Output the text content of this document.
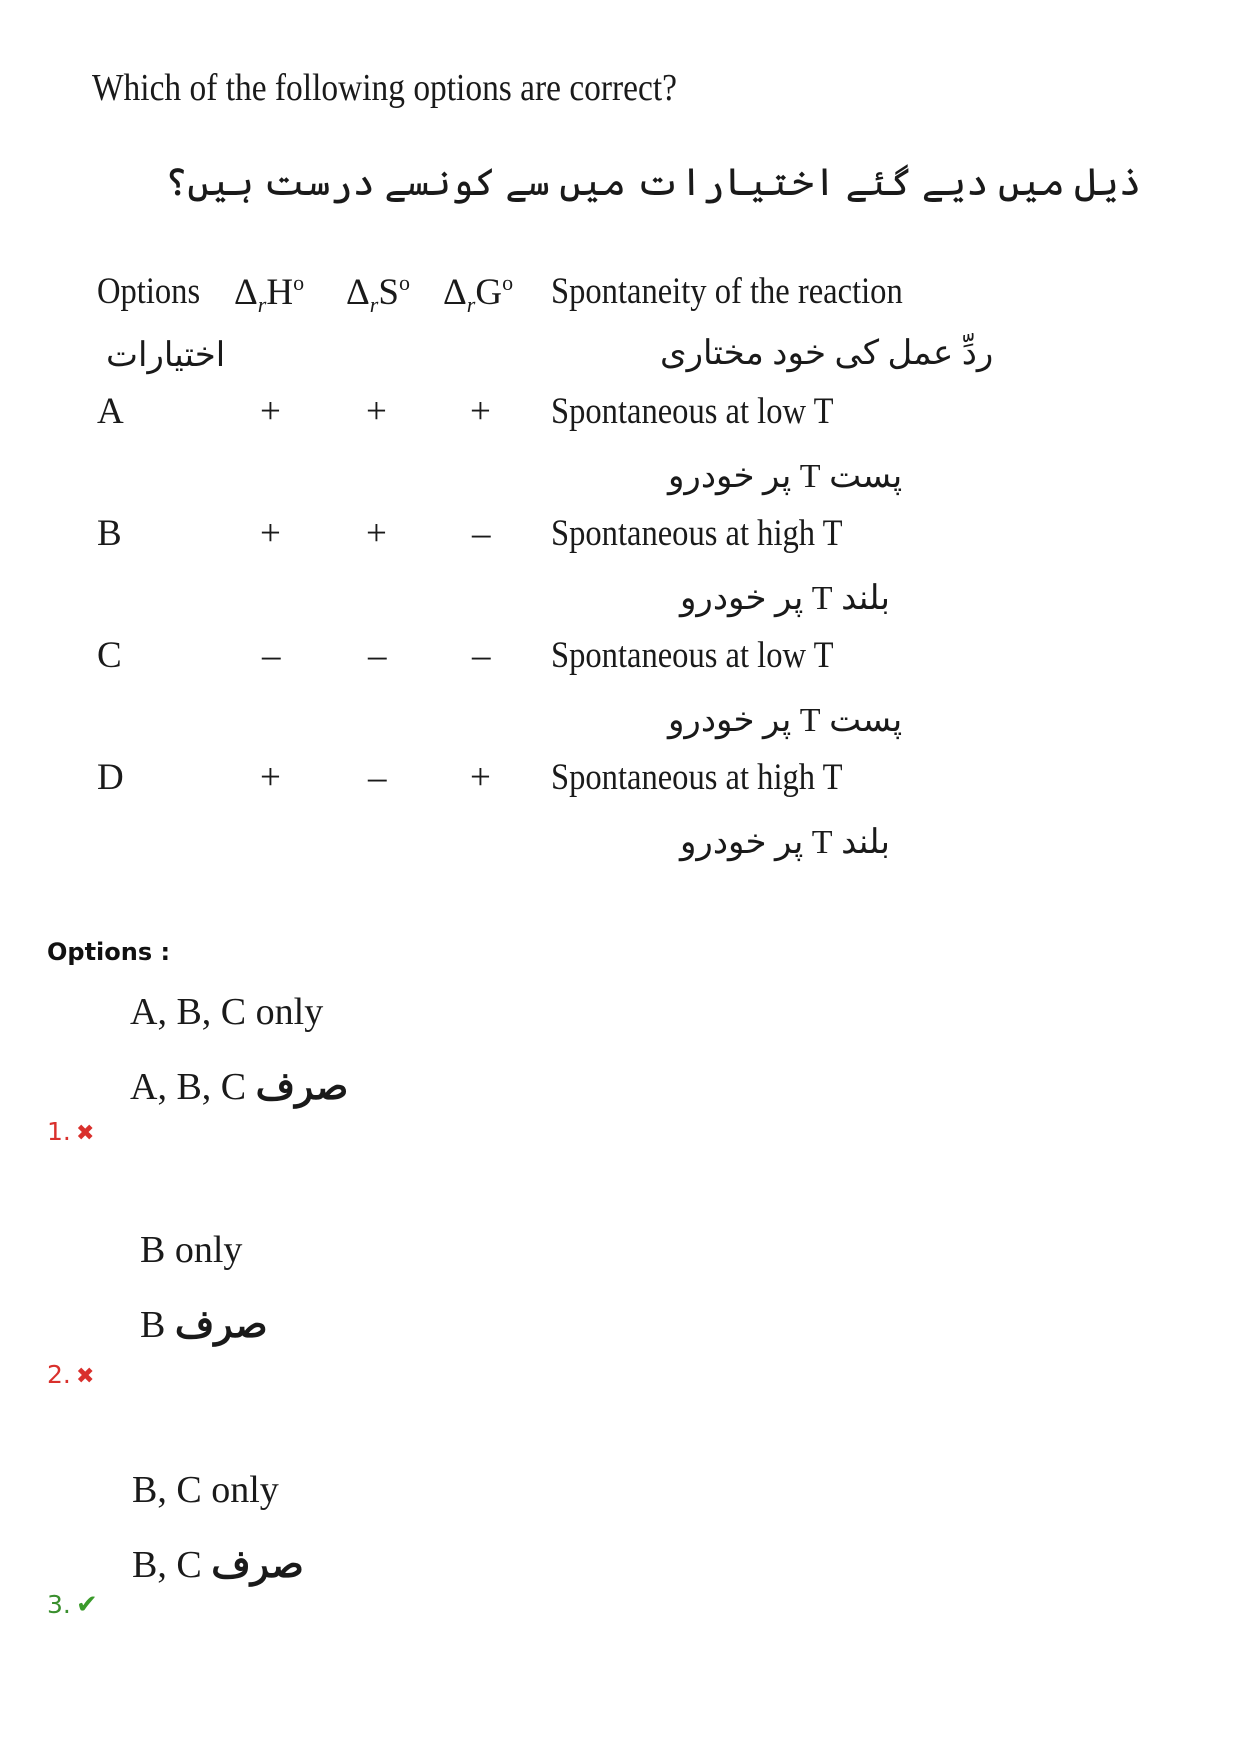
Which of the following options are correct?
ذیل میں دیے گئے اختیارات میں سے کونسے درست ہیں؟
Options $\Delta_rH^o$ $\Delta_rS^o$ $\Delta_rG^o$ Spontaneity of the reaction
اختیارات	ردِّ عمل کی خود مختاری
A	+ + + Spontaneous at low T
پست T پر خودرو
B	+ + – Spontaneous at high T
بلند T پر خودرو
C	– – – Spontaneous at low T
پست T پر خودرو
D	+ – + Spontaneous at high T
بلند T پر خودرو
Options :
A, B, C only
A, B, C صرف
1. ✖
B only
B صرف
2. ✖
B, C only
B, C صرف
3. ✔
